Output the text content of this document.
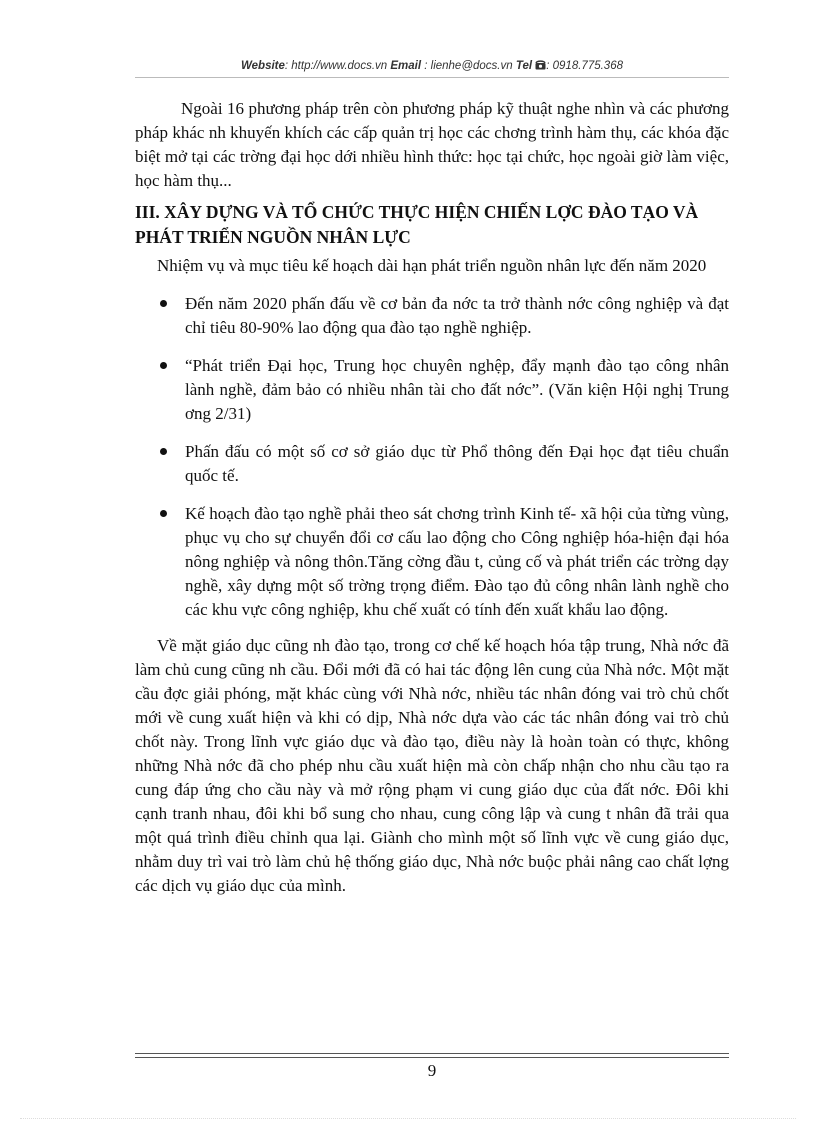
Website: http://www.docs.vn Email : lienhe@docs.vn Tel : 0918.775.368

Ngoài 16 phương pháp trên còn phương pháp kỹ thuật nghe nhìn và các phương pháp khác nh khuyến khích các cấp quản trị học các chơng trình hàm thụ, các khóa đặc biệt mở tại các trờng đại học dới nhiều hình thức: học tại chức, học ngoài giờ làm việc, học hàm thụ...

III. XÂY DỰNG VÀ TỔ CHỨC THỰC HIỆN CHIẾN LỢC ĐÀO TẠO VÀ PHÁT TRIỂN NGUỒN NHÂN LỰC

Nhiệm vụ và mục tiêu kế hoạch dài hạn phát triển nguồn nhân lực đến năm 2020

Đến năm 2020 phấn đấu về cơ bản đa nớc ta trở thành nớc công nghiệp và đạt chỉ tiêu 80-90% lao động qua đào tạo nghề nghiệp.
“Phát triển Đại học, Trung học chuyên nghệp, đẩy mạnh đào tạo công nhân lành nghề, đảm bảo có nhiều nhân tài cho đất nớc”. (Văn kiện Hội nghị Trung ơng 2/31)
Phấn đấu có một số cơ sở giáo dục từ Phổ thông đến Đại học đạt tiêu chuẩn quốc tế.
Kế hoạch đào tạo nghề phải theo sát chơng trình Kinh tế- xã hội của từng vùng, phục vụ cho sự chuyển đổi cơ cấu lao động cho Công nghiệp hóa-hiện đại hóa nông nghiệp và nông thôn.Tăng cờng đầu t, củng cố và phát triển các trờng dạy nghề, xây dựng một số trờng trọng điểm. Đào tạo đủ công nhân lành nghề cho các khu vực công nghiệp, khu chế xuất có tính đến xuất khẩu lao động.

Về mặt giáo dục cũng nh đào tạo, trong cơ chế kế hoạch hóa tập trung, Nhà nớc đã làm chủ cung cũng nh cầu. Đổi mới đã có hai tác động lên cung của Nhà nớc. Một mặt cầu đợc giải phóng, mặt khác cùng với Nhà nớc, nhiều tác nhân đóng vai trò chủ chốt mới về cung xuất hiện và khi có dịp, Nhà nớc dựa vào các tác nhân đóng vai trò chủ chốt này. Trong lĩnh vực giáo dục và đào tạo, điều này là hoàn toàn có thực, không những Nhà nớc đã cho phép nhu cầu xuất hiện mà còn chấp nhận cho nhu cầu tạo ra cung đáp ứng cho cầu này và mở rộng phạm vi cung giáo dục của đất nớc. Đôi khi cạnh tranh nhau, đôi khi bổ sung cho nhau, cung công lập và cung t nhân đã trải qua một quá trình điều chỉnh qua lại. Giành cho mình một số lĩnh vực về cung giáo dục, nhằm duy trì vai trò làm chủ hệ thống giáo dục, Nhà nớc buộc phải nâng cao chất lợng các dịch vụ giáo dục của mình.

9
